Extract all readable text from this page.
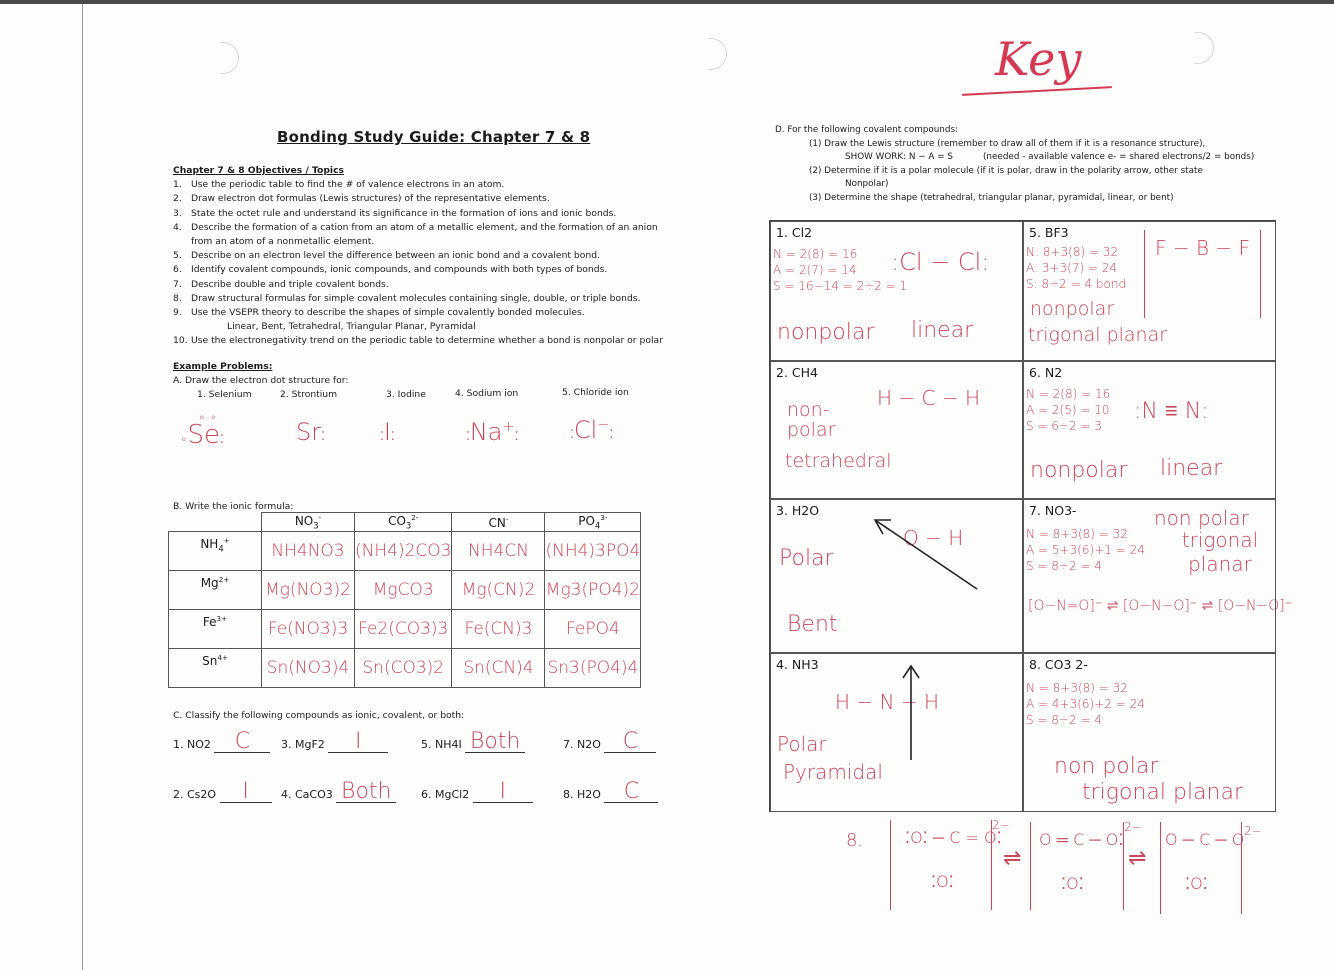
Key
Bonding Study Guide: Chapter 7 & 8
Chapter 7 & 8 Objectives / Topics
1. Use the periodic table to find the # of valence electrons in an atom.
2. Draw electron dot formulas (Lewis structures) of the representative elements.
3. State the octet rule and understand its significance in the formation of ions and ionic bonds.
4. Describe the formation of a cation from an atom of a metallic element, and the formation of an anion from an atom of a nonmetallic element.
5. Describe on an electron level the difference between an ionic bond and a covalent bond.
6. Identify covalent compounds, ionic compounds, and compounds with both types of bonds.
7. Describe double and triple covalent bonds.
8. Draw structural formulas for simple covalent molecules containing single, double, or triple bonds.
9. Use the VSEPR theory to describe the shapes of simple covalently bonded molecules.
Linear, Bent, Tetrahedral, Triangular Planar, Pyramidal
10. Use the electronegativity trend on the periodic table to determine whether a bond is nonpolar or polar
Example Problems:
A. Draw the electron dot structure for:
1. Selenium	2. Strontium	3. Iodine	4. Sodium ion	5. Chloride ion
∘∘
∘Se⁚	Sr⁚	⁚I⁚	⁚Na+⁚	⁚Cl−⁚
B. Write the ionic formula:
	$NO_3^-$	$CO_3^{2-}$	CN-	$PO_4^{3-}$
$NH_4^+$	NH4NO3	(NH4)2CO3	NH4CN	(NH4)3PO4
$Mg^{2+}$	Mg(NO3)2	MgCO3	Mg(CN)2	Mg3(PO4)2
$Fe^{3+}$	Fe(NO3)3	Fe2(CO3)3	Fe(CN)3	FePO4
$Sn^{4+}$	Sn(NO3)4	Sn(CO3)2	Sn(CN)4	Sn3(PO4)4
C. Classify the following compounds as ionic, covalent, or both:
1. NO2 C	3. MgF2 I	5. NH4I Both	7. N2O C
2. Cs2O I	4. CaCO3 Both	6. MgCl2 I	8. H2O C
D. For the following covalent compounds:
(1) Draw the Lewis structure (remember to draw all of them if it is a resonance structure),
SHOW WORK: N − A = S	(needed - available valence e- = shared electrons/2 = bonds)
(2) Determine if it is a polar molecule (if it is polar, draw in the polarity arrow, other state
Nonpolar)
(3) Determine the shape (tetrahedral, triangular planar, pyramidal, linear, or bent)
1. Cl2
N = 2(8) = 16
A = 2(7) = 14
S = 16−14 = 2÷2 = 1
:Cl − Cl:
nonpolar linear
5. BF3
N: 8+3(8) = 32
A: 3+3(7) = 24
S: 8÷2 = 4 bond
F − B − F
nonpolar
trigonal planar
2. CH4
H − C − H
non-polar
tetrahedral
6. N2
N = 2(8) = 16
A = 2(5) = 10
S = 6÷2 = 3
:N ≡ N:
nonpolar linear
3. H2O
O − H
Polar
Bent
7. NO3-
N = 8+3(8) = 32
A = 5+3(6)+1 = 24
S = 8÷2 = 4
non polar
trigonal planar
[O−N=O]⁻ ⇌ [O−N−O]⁻ ⇌ [O−N−O]⁻
4. NH3
H − N − H
Polar
Pyramidal
8. CO3 2-
N = 8+3(8) = 32
A = 4+3(6)+2 = 24
S = 8÷2 = 4
non polar
trigonal planar
8.	⁚O⁚ ─ C = O⁚
⁚O⁚
2−
⇌
O ═ C ─ O⁚
⁚O⁚
2−
⇌
O ─ C ─ O
⁚O⁚
2−
